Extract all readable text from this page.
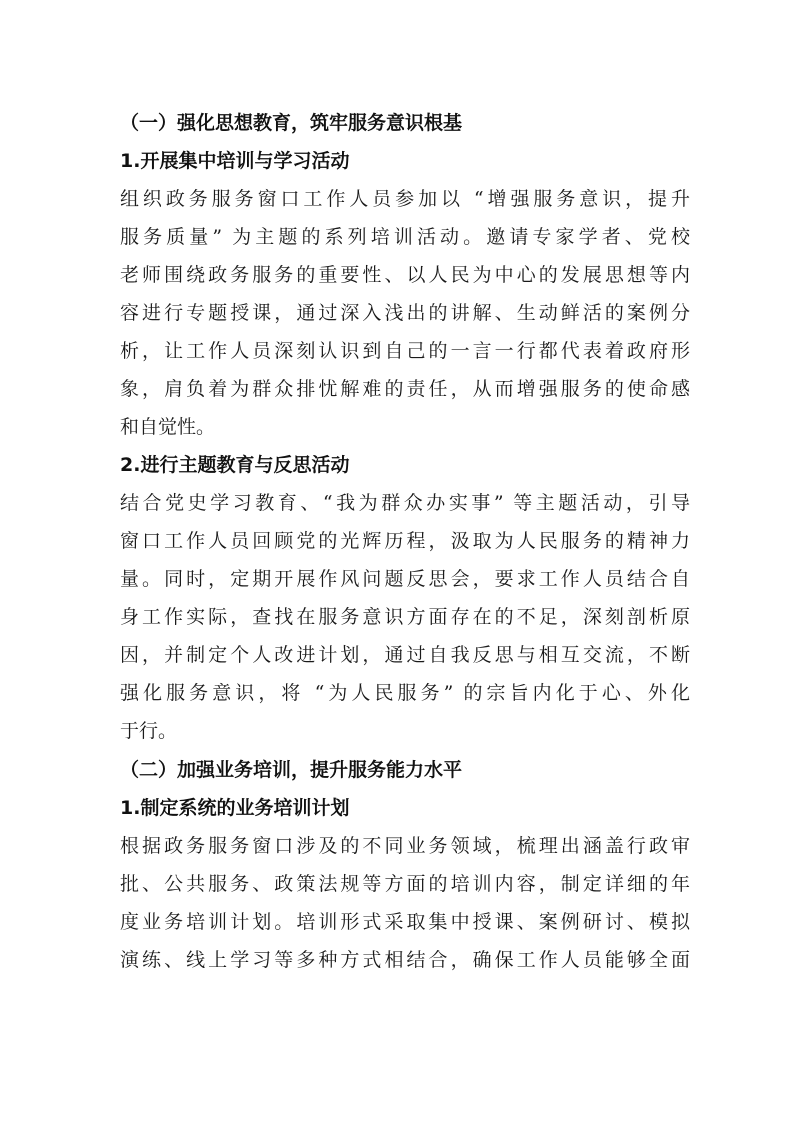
（一）强化思想教育，筑牢服务意识根基
1.开展集中培训与学习活动
组织政务服务窗口工作人员参加以 “增强服务意识，提升
服务质量” 为主题的系列培训活动。邀请专家学者、党校
老师围绕政务服务的重要性、以人民为中心的发展思想等内
容进行专题授课，通过深入浅出的讲解、生动鲜活的案例分
析，让工作人员深刻认识到自己的一言一行都代表着政府形
象，肩负着为群众排忧解难的责任，从而增强服务的使命感
和自觉性。
2.进行主题教育与反思活动
结合党史学习教育、“我为群众办实事” 等主题活动，引导
窗口工作人员回顾党的光辉历程，汲取为人民服务的精神力
量。同时，定期开展作风问题反思会，要求工作人员结合自
身工作实际，查找在服务意识方面存在的不足，深刻剖析原
因，并制定个人改进计划，通过自我反思与相互交流，不断
强化服务意识，将 “为人民服务” 的宗旨内化于心、外化
于行。
（二）加强业务培训，提升服务能力水平
1.制定系统的业务培训计划
根据政务服务窗口涉及的不同业务领域，梳理出涵盖行政审
批、公共服务、政策法规等方面的培训内容，制定详细的年
度业务培训计划。培训形式采取集中授课、案例研讨、模拟
演练、线上学习等多种方式相结合，确保工作人员能够全面
